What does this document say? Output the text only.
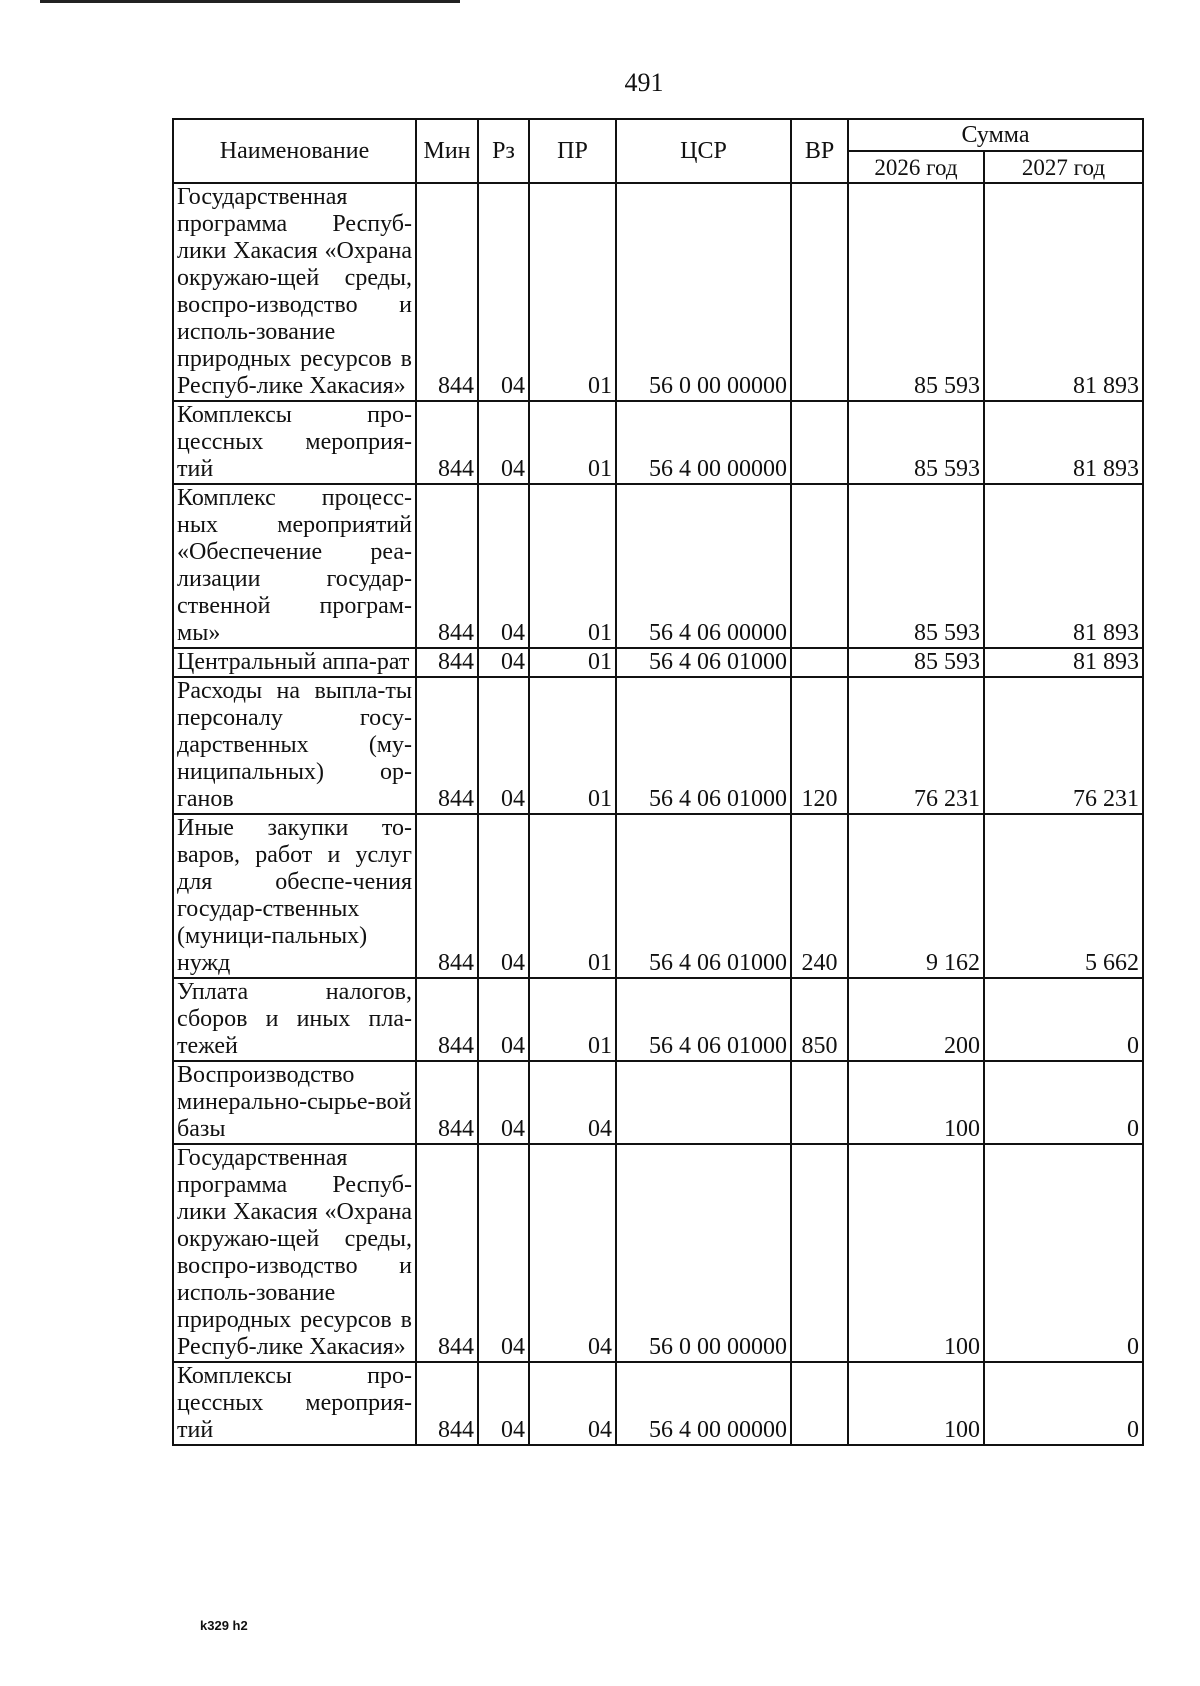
491
Наименование	Мин	Рз	ПР	ЦСР	ВР	Сумма	
						2026 год	2027 год
Государственная программа Респуб-лики Хакасия «Охрана окружаю-щей среды, воспро-изводство и исполь-зование природных ресурсов в Респуб-лике Хакасия»	844	04	01	56 0 00 00000		85 593	81 893
Комплексы про-цессных мероприя-тий	844	04	01	56 4 00 00000		85 593	81 893
Комплекс процесс-ных мероприятий «Обеспечение реа-лизации государ-ственной програм-мы»	844	04	01	56 4 06 00000		85 593	81 893
Центральный аппа-рат	844	04	01	56 4 06 01000		85 593	81 893
Расходы на выпла-ты персоналу госу-дарственных (му-ниципальных) ор-ганов	844	04	01	56 4 06 01000	120	76 231	76 231
Иные закупки то-варов, работ и услуг для обеспе-чения государ-ственных (муници-пальных) нужд	844	04	01	56 4 06 01000	240	9 162	5 662
Уплата налогов, сборов и иных пла-тежей	844	04	01	56 4 06 01000	850	200	0
Воспроизводство минерально-сырье-вой базы	844	04	04			100	0
Государственная программа Респуб-лики Хакасия «Охрана окружаю-щей среды, воспро-изводство и исполь-зование природных ресурсов в Респуб-лике Хакасия»	844	04	04	56 0 00 00000		100	0
Комплексы про-цессных мероприя-тий	844	04	04	56 4 00 00000		100	0
k329 h2
